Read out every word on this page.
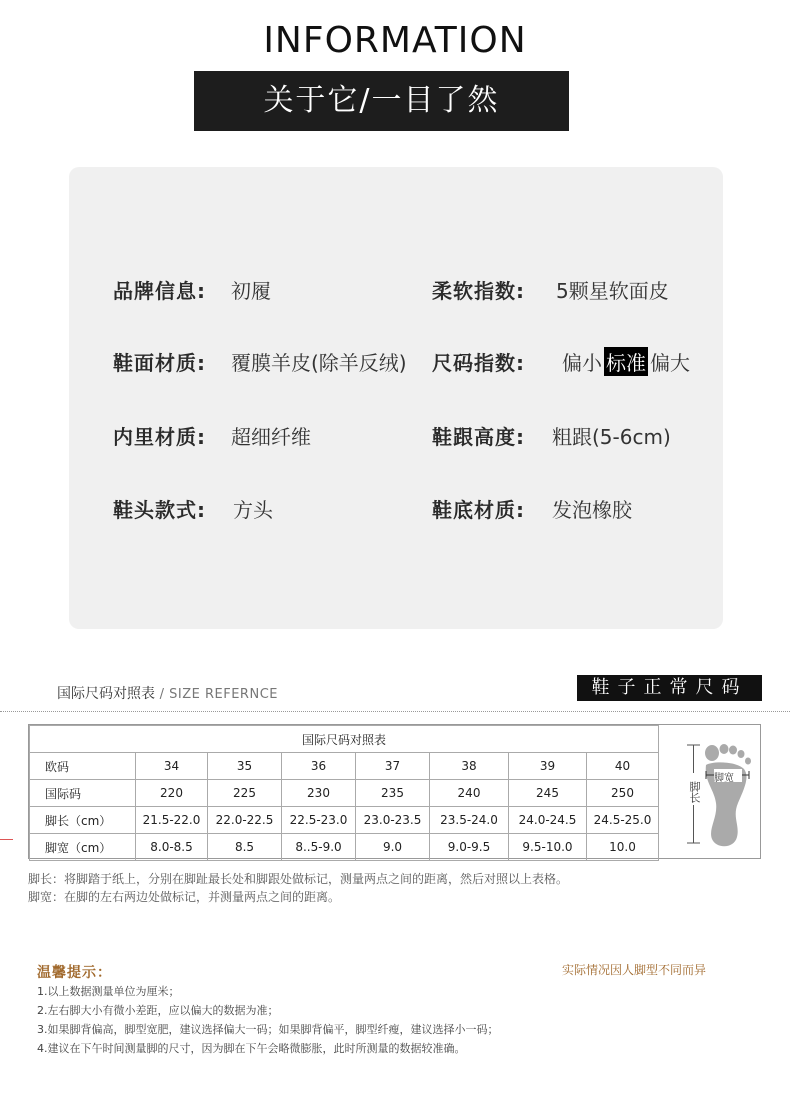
INFORMATION
关于它/一目了然
品牌信息: 初履	柔软指数: 5颗星软面皮
鞋面材质: 覆膜羊皮(除羊反绒) 尺码指数: 偏小 标准 偏大
内里材质: 超细纤维	鞋跟高度: 粗跟(5-6cm)
鞋头款式: 方头	鞋底材质: 发泡橡胶
国际尺码对照表 / SIZE REFERNCE	鞋子正常尺码
国际尺码对照表							
欧码	34	35	36	37	38	39	40
国际码	220	225	230	235	240	245	250
脚长（cm）	21.5-22.0	22.0-22.5	22.5-23.0	23.0-23.5	23.5-24.0	24.0-24.5	24.5-25.0
脚宽（cm）	8.0-8.5	8.5	8..5-9.0	9.0	9.0-9.5	9.5-10.0	10.0
脚宽
脚长
脚长：将脚踏于纸上，分别在脚趾最长处和脚跟处做标记，测量两点之间的距离，然后对照以上表格。
脚宽：在脚的左右两边处做标记，并测量两点之间的距离。
温馨提示：	实际情况因人脚型不同而异
1.以上数据测量单位为厘米；
2.左右脚大小有微小差距，应以偏大的数据为准；
3.如果脚背偏高，脚型宽肥，建议选择偏大一码；如果脚背偏平，脚型纤瘦，建议选择小一码；
4.建议在下午时间测量脚的尺寸，因为脚在下午会略微膨胀，此时所测量的数据较准确。
